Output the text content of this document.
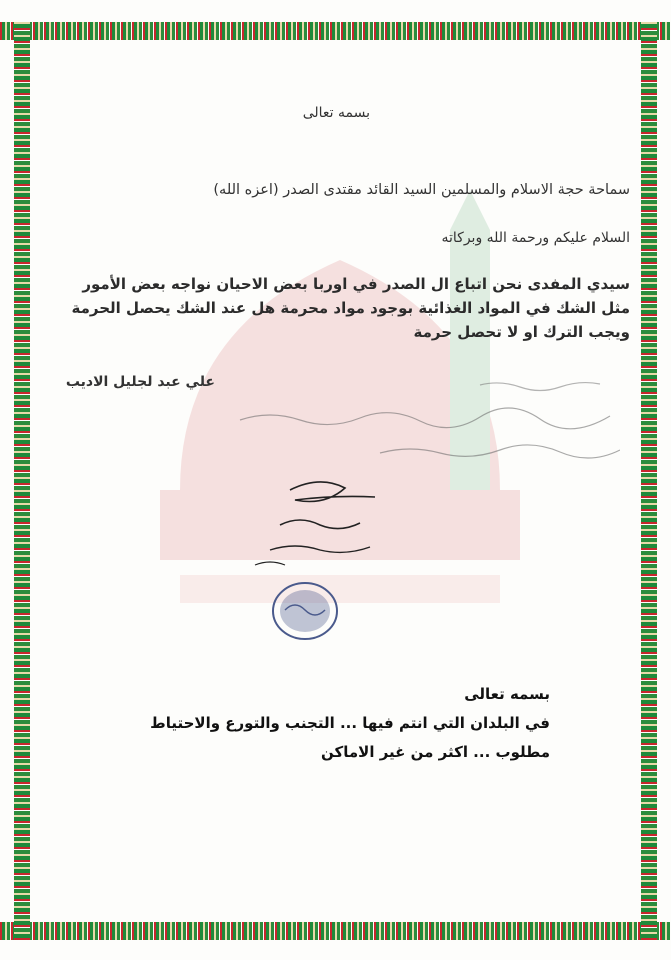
بسمه تعالى
سماحة حجة الاسلام والمسلمين السيد القائد مقتدى الصدر (اعزه الله)
السلام عليكم ورحمة الله وبركاته
سيدي المفدى نحن اتباع ال الصدر في اوربا بعض الاحيان نواجه بعض الأمور
مثل الشك في المواد الغذائية بوجود مواد محرمة هل عند الشك يحصل الحرمة
ويجب الترك او لا تحصل حرمة
علي عبد لجليل الاديب
بسمه تعالى
في البلدان التي انتم فيها ... التجنب والتورع والاحتياط
مطلوب ... اكثر من غير الاماكن
